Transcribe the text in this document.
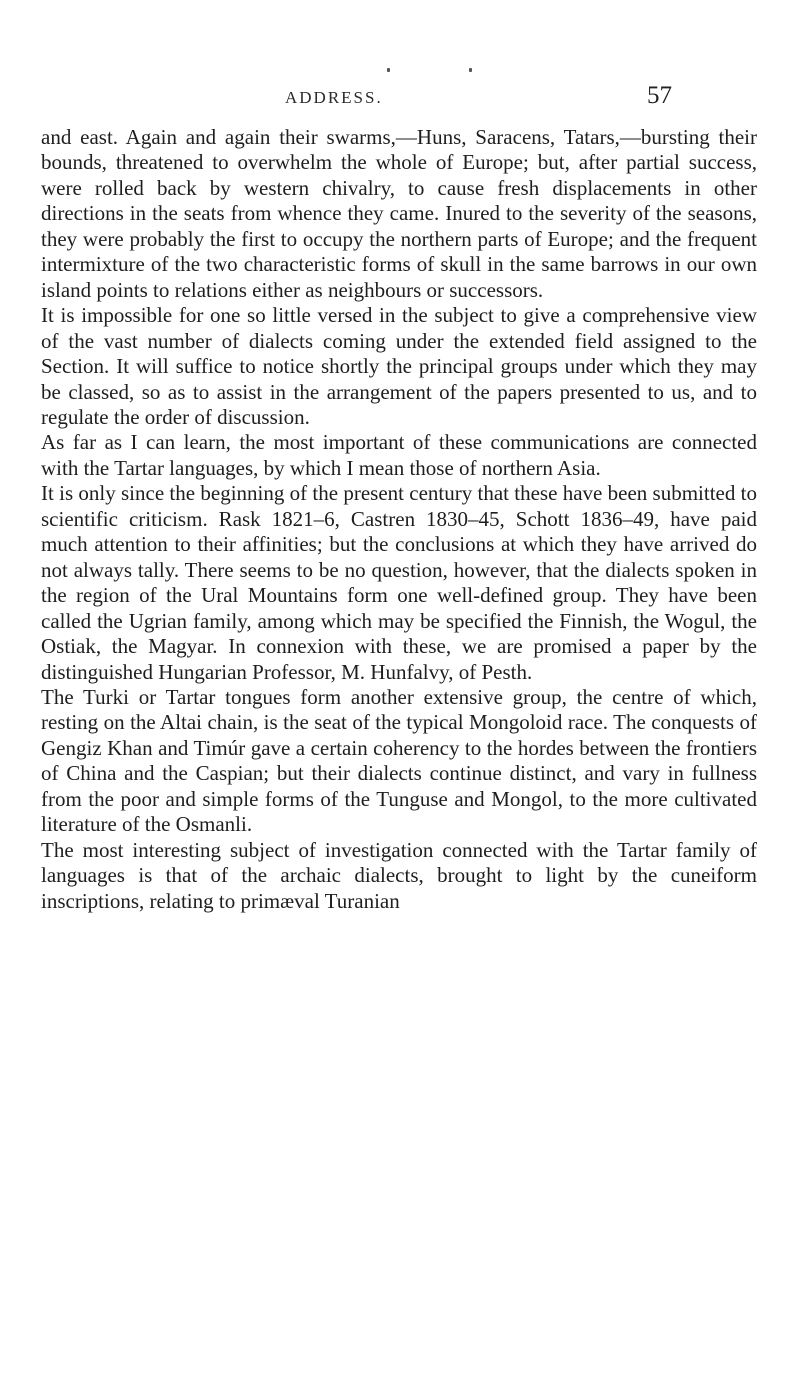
ADDRESS.	57

and east. Again and again their swarms,—Huns, Saracens, Tatars,—bursting their bounds, threatened to overwhelm the whole of Europe; but, after partial success, were rolled back by western chivalry, to cause fresh displacements in other directions in the seats from whence they came. Inured to the severity of the seasons, they were probably the first to occupy the northern parts of Europe; and the frequent intermixture of the two characteristic forms of skull in the same barrows in our own island points to relations either as neighbours or successors.

It is impossible for one so little versed in the subject to give a comprehensive view of the vast number of dialects coming under the extended field assigned to the Section. It will suffice to notice shortly the principal groups under which they may be classed, so as to assist in the arrangement of the papers presented to us, and to regulate the order of discussion.

As far as I can learn, the most important of these communications are connected with the Tartar languages, by which I mean those of northern Asia.

It is only since the beginning of the present century that these have been submitted to scientific criticism. Rask 1821–6, Castren 1830–45, Schott 1836–49, have paid much attention to their affinities; but the conclusions at which they have arrived do not always tally. There seems to be no question, however, that the dialects spoken in the region of the Ural Mountains form one well-defined group. They have been called the Ugrian family, among which may be specified the Finnish, the Wogul, the Ostiak, the Magyar. In connexion with these, we are promised a paper by the distinguished Hungarian Professor, M. Hunfalvy, of Pesth.

The Turki or Tartar tongues form another extensive group, the centre of which, resting on the Altai chain, is the seat of the typical Mongoloid race. The conquests of Gengiz Khan and Timúr gave a certain coherency to the hordes between the frontiers of China and the Caspian; but their dialects continue distinct, and vary in fullness from the poor and simple forms of the Tunguse and Mongol, to the more cultivated literature of the Osmanli.

The most interesting subject of investigation connected with the Tartar family of languages is that of the archaic dialects, brought to light by the cuneiform inscriptions, relating to primæval Turanian
